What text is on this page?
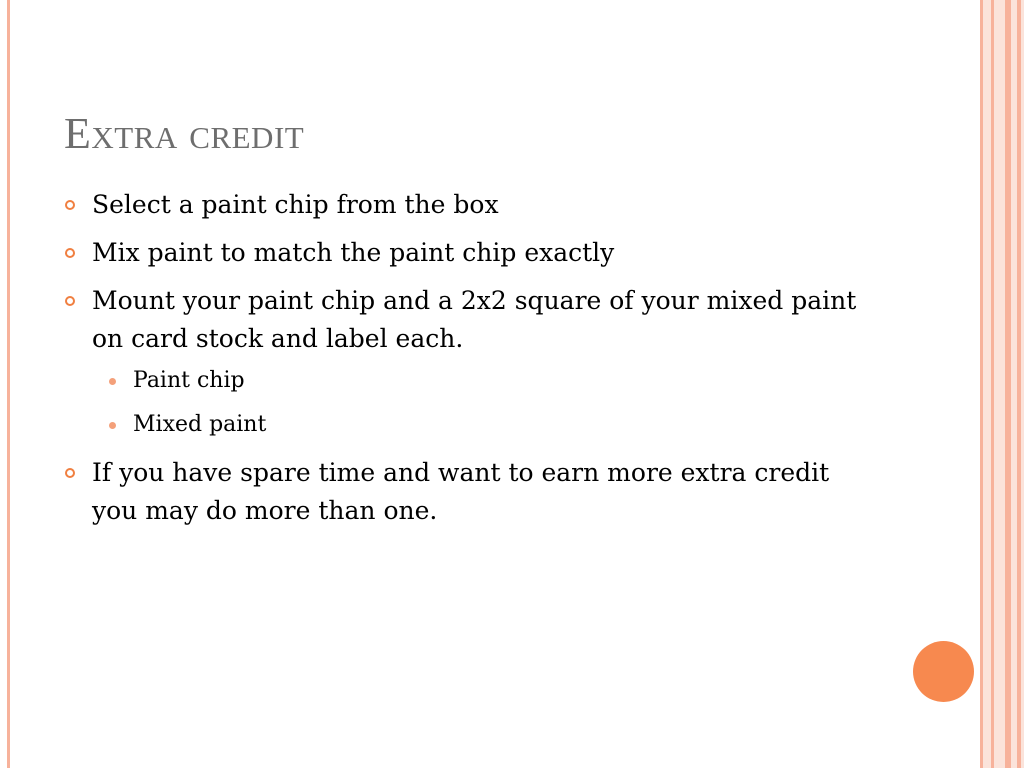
Extra credit
Select a paint chip from the box
Mix paint to match the paint chip exactly
Mount your paint chip and a 2x2 square of your mixed paint on card stock and label each.
Paint chip
Mixed paint
If you have spare time and want to earn more extra credit you may do more than one.
